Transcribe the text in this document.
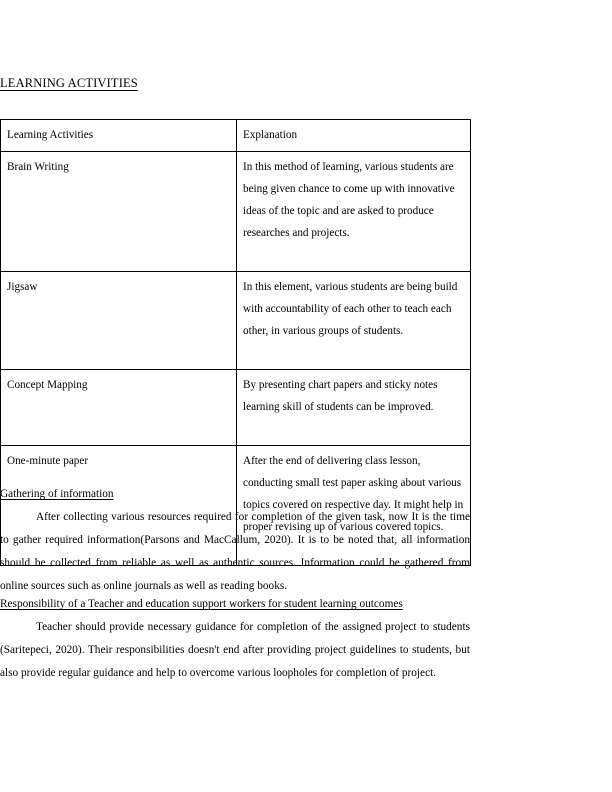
LEARNING ACTIVITIES
Learning Activities	Explanation
Brain Writing	In this method of learning, various students are being given chance to come up with innovative ideas of the topic and are asked to produce researches and projects.
Jigsaw	In this element, various students are being build with accountability of each other to teach each other, in various groups of students.
Concept Mapping	By presenting chart papers and sticky notes learning skill of students can be improved.
One-minute paper	After the end of delivering class lesson, conducting small test paper asking about various topics covered on respective day. It might help in proper revising up of various covered topics.
Gathering of information

After collecting various resources required for completion of the given task, now It is the time to gather required information(Parsons and MacCallum, 2020). It is to be noted that, all information should be collected from reliable as well as authentic sources. Information could be gathered from online sources such as online journals as well as reading books.

Responsibility of a Teacher and education support workers for student learning outcomes

Teacher should provide necessary guidance for completion of the assigned project to students (Saritepeci, 2020). Their responsibilities doesn't end after providing project guidelines to students, but also provide regular guidance and help to overcome various loopholes for completion of project.
